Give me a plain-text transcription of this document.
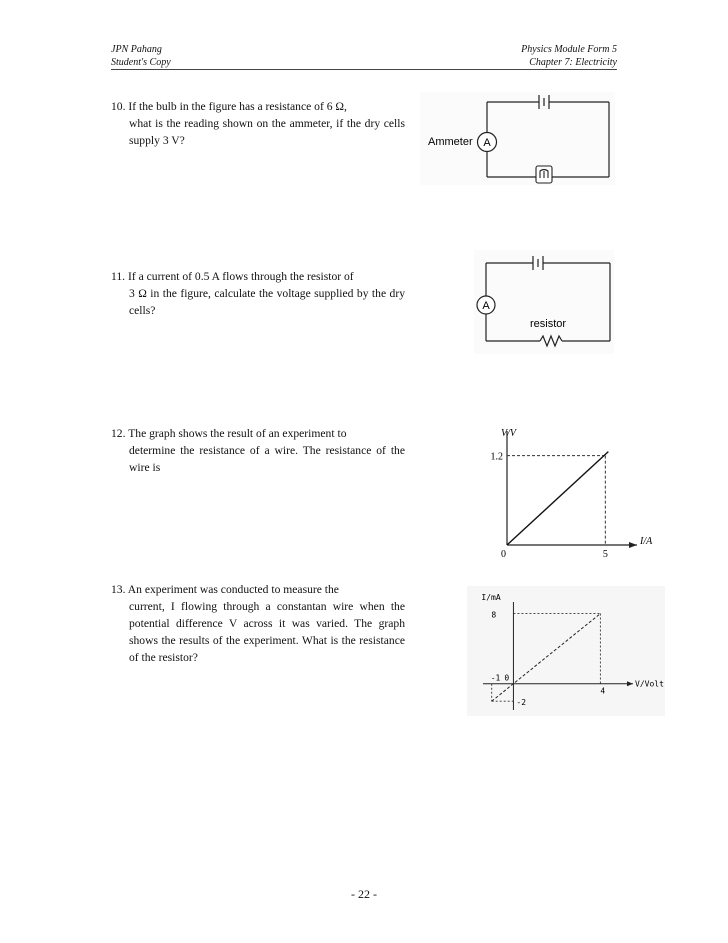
JPN Pahang
Student's Copy
Physics Module Form 5
Chapter 7: Electricity
10. If the bulb in the figure has a resistance of 6 Ω,
what is the reading shown on the ammeter, if the dry cells supply 3 V?
11. If a current of 0.5 A flows through the resistor of
3 Ω in the figure, calculate the voltage supplied by the dry cells?
12. The graph shows the result of an experiment to
determine the resistance of a wire. The resistance of the wire is
13. An experiment was conducted to measure the
current, I flowing through a constantan wire when the potential difference V across it was varied. The graph shows the results of the experiment. What is the resistance of the resistor?
A
Ammeter
A
resistor
V/V
I/A
0
1.2
5
I/mA
V/Volt
0
8
-2
-1
4
- 22 -
